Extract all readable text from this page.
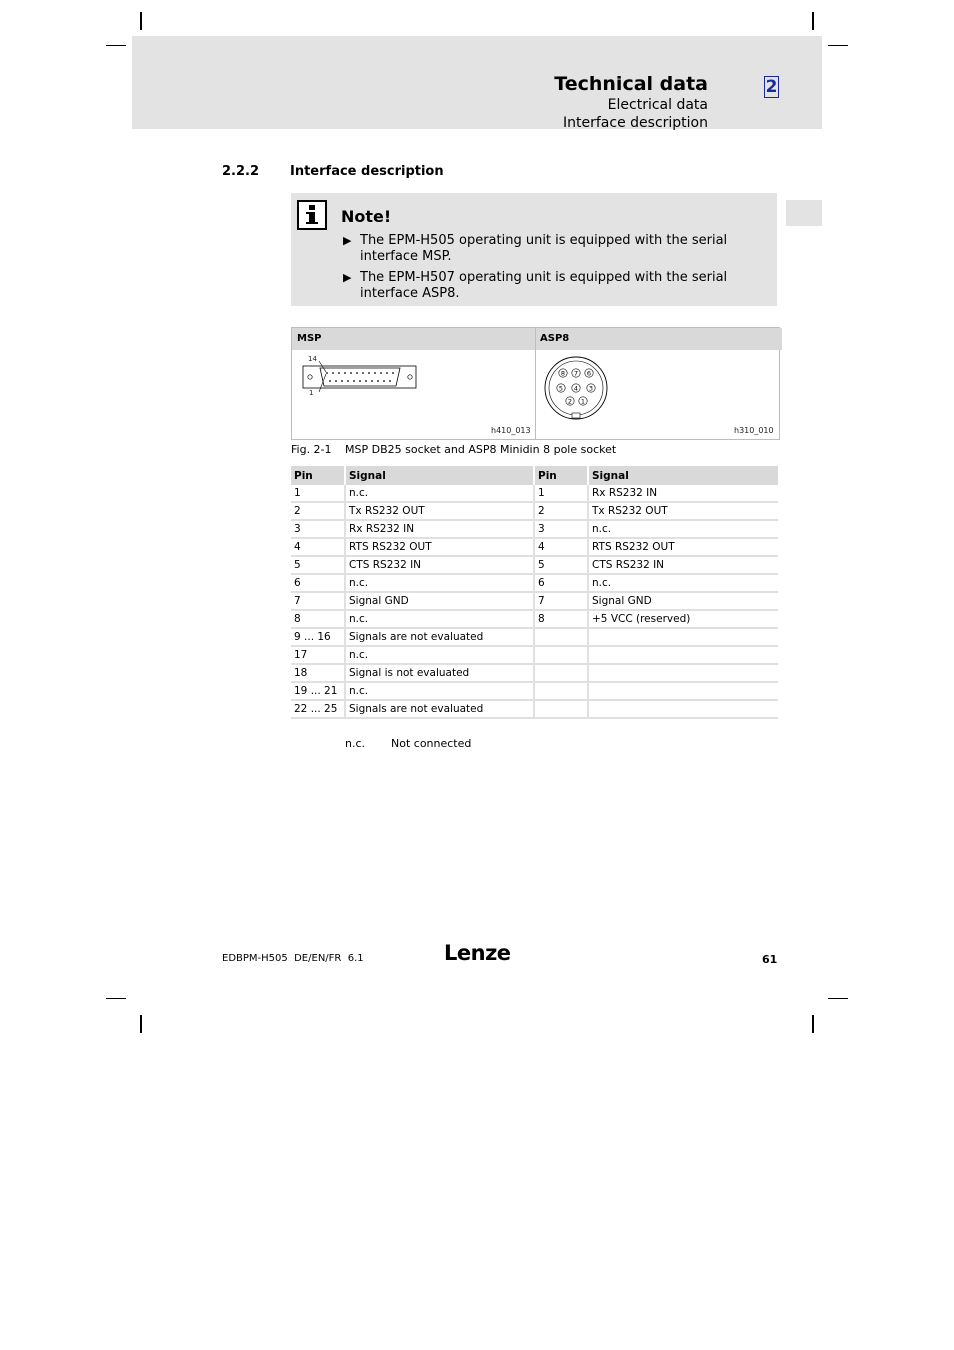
Technical data
Electrical data
Interface description
2
2.2.2 Interface description
Note!
▶ The EPM-H505 operating unit is equipped with the serial interface MSP.
▶ The EPM-H507 operating unit is equipped with the serial interface ASP8.
MSP	ASP8
14
1
8 7 6
5 4 3
2 1
h410_013	h310_010
Fig. 2-1 MSP DB25 socket and ASP8 Minidin 8 pole socket
Pin	Signal	Pin	Signal
1	n.c.	1	Rx RS232 IN
2	Tx RS232 OUT	2	Tx RS232 OUT
3	Rx RS232 IN	3	n.c.
4	RTS RS232 OUT	4	RTS RS232 OUT
5	CTS RS232 IN	5	CTS RS232 IN
6	n.c.	6	n.c.
7	Signal GND	7	Signal GND
8	n.c.	8	+5 VCC (reserved)
9 ... 16	Signals are not evaluated		
17	n.c.		
18	Signal is not evaluated		
19 ... 21	n.c.		
22 ... 25	Signals are not evaluated		
n.c. Not connected
EDBPM-H505  DE/EN/FR  6.1	Lenze	61
